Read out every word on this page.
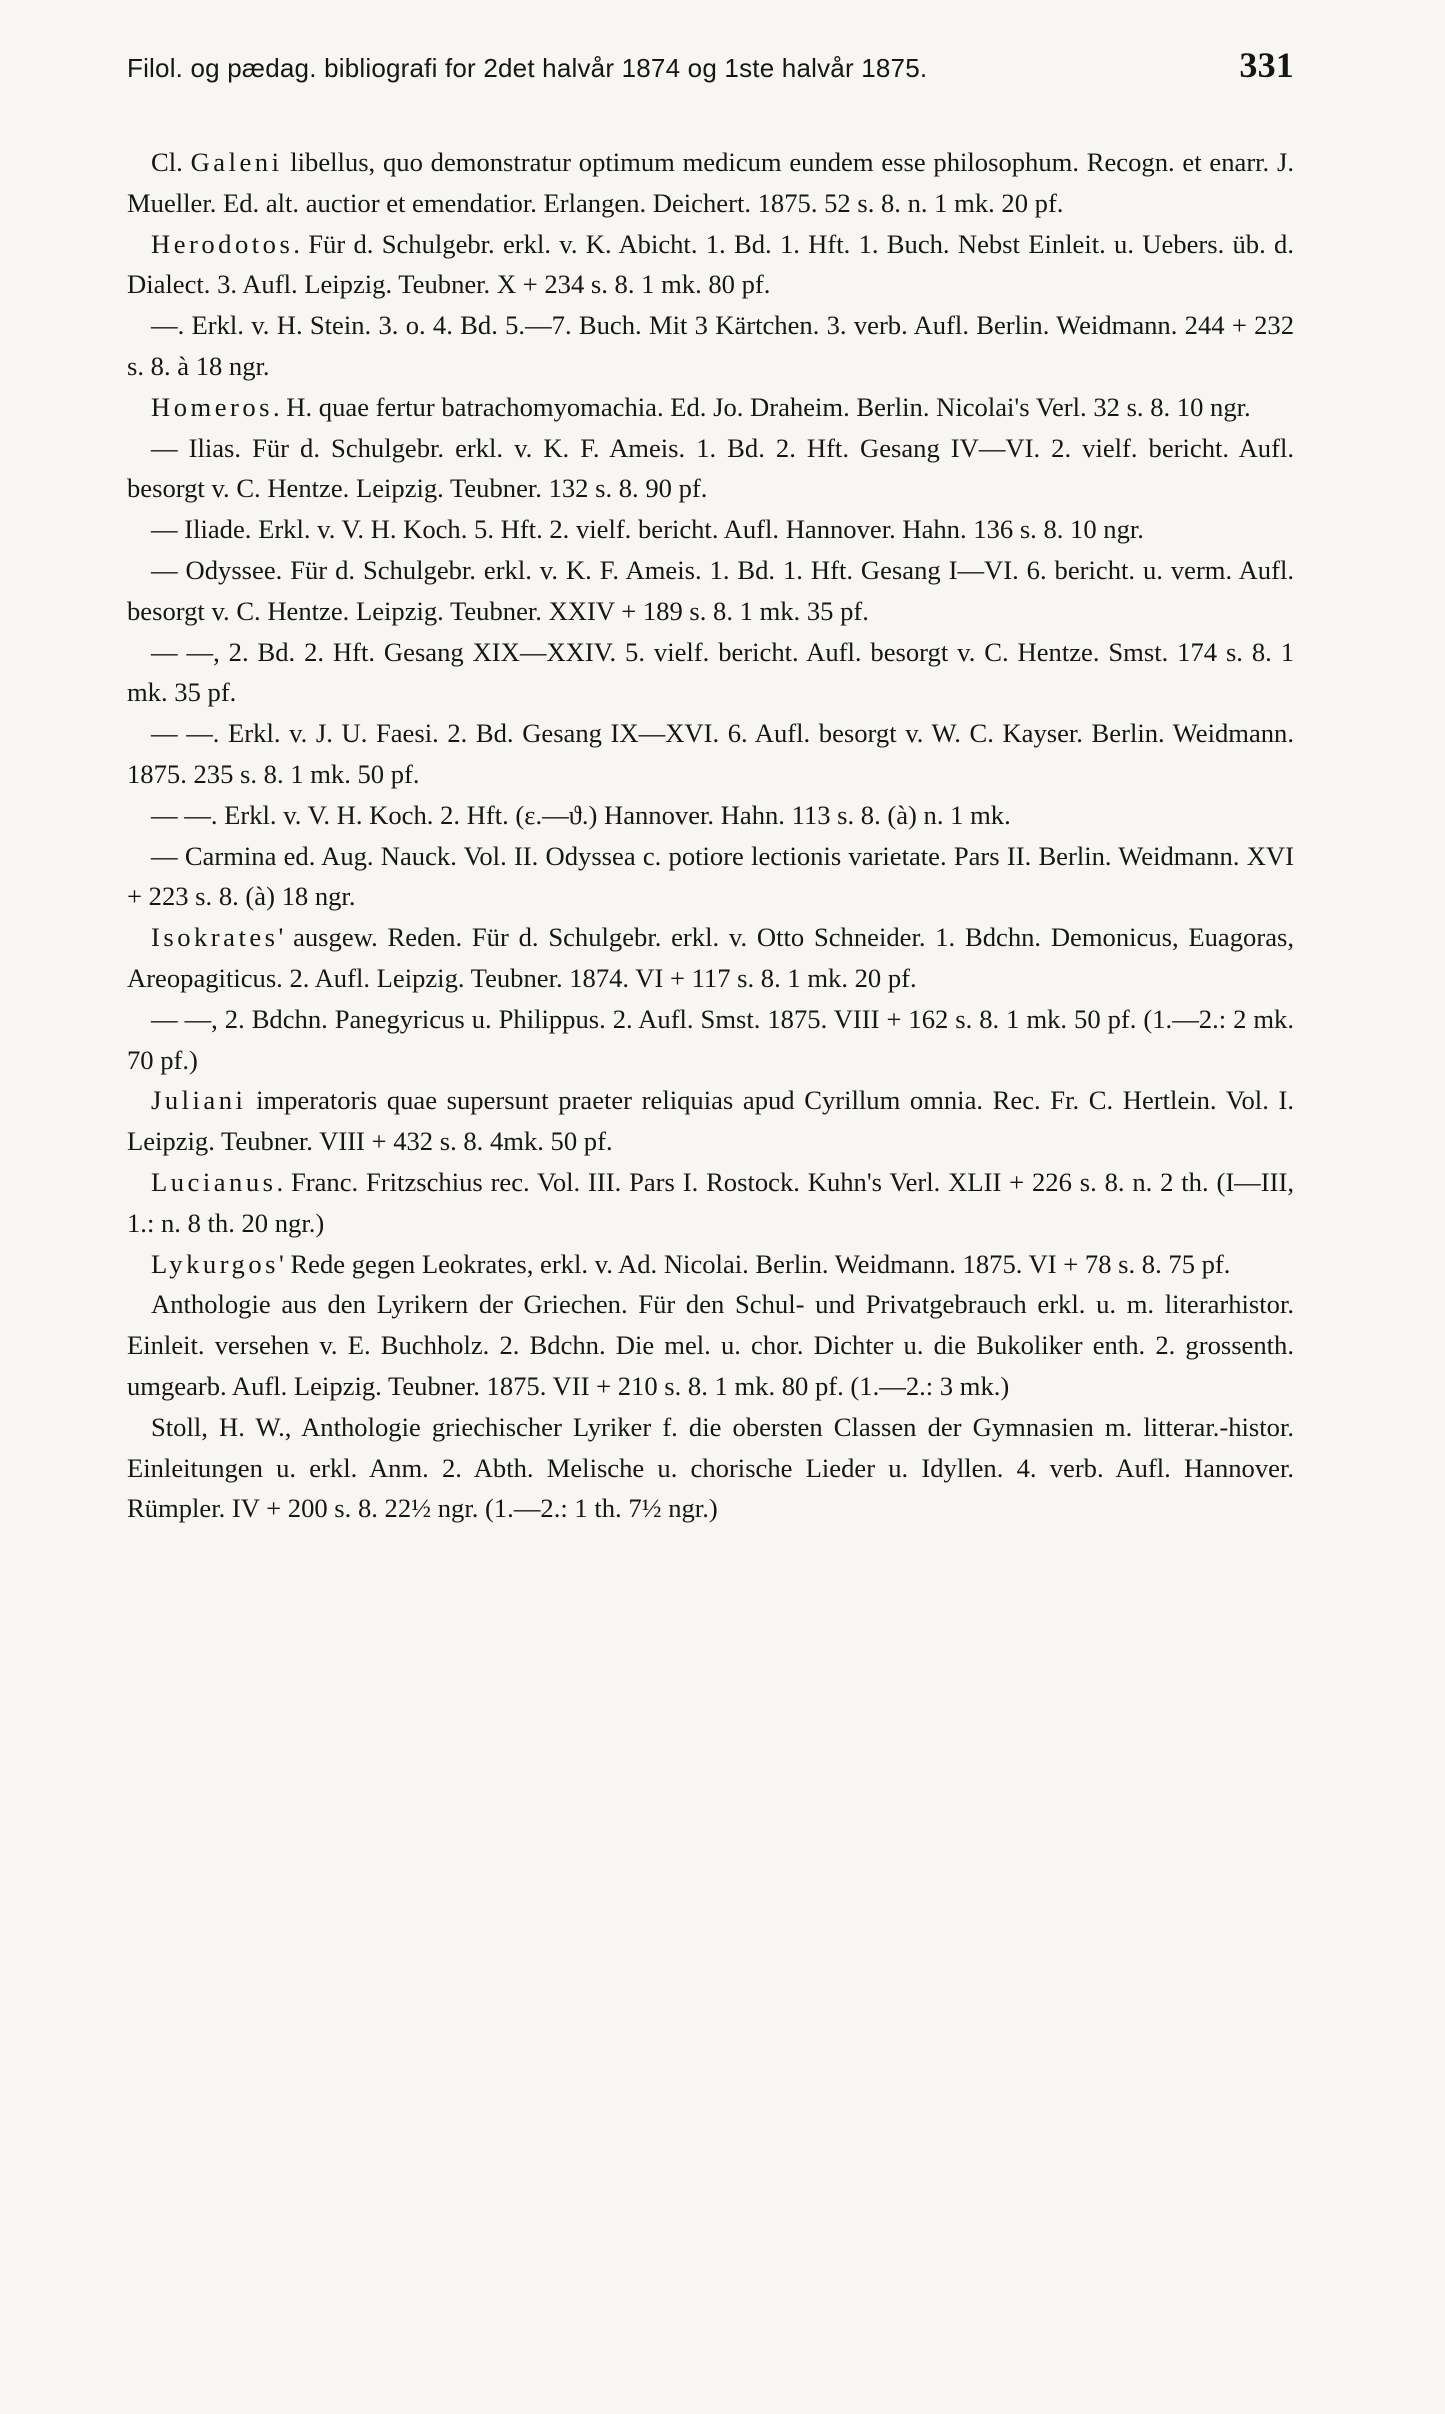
Filol. og pædag. bibliografi for 2det halvår 1874 og 1ste halvår 1875.	331

Cl. Galeni libellus, quo demonstratur optimum medicum eundem esse philosophum. Recogn. et enarr. J. Mueller. Ed. alt. auctior et emendatior. Erlangen. Deichert. 1875. 52 s. 8. n. 1 mk. 20 pf.

Herodotos. Für d. Schulgebr. erkl. v. K. Abicht. 1. Bd. 1. Hft. 1. Buch. Nebst Einleit. u. Uebers. üb. d. Dialect. 3. Aufl. Leipzig. Teubner. X + 234 s. 8. 1 mk. 80 pf.

—. Erkl. v. H. Stein. 3. o. 4. Bd. 5.—7. Buch. Mit 3 Kärtchen. 3. verb. Aufl. Berlin. Weidmann. 244 + 232 s. 8. à 18 ngr.

Homeros. H. quae fertur batrachomyomachia. Ed. Jo. Draheim. Berlin. Nicolai's Verl. 32 s. 8. 10 ngr.

— Ilias. Für d. Schulgebr. erkl. v. K. F. Ameis. 1. Bd. 2. Hft. Gesang IV—VI. 2. vielf. bericht. Aufl. besorgt v. C. Hentze. Leipzig. Teubner. 132 s. 8. 90 pf.

— Iliade. Erkl. v. V. H. Koch. 5. Hft. 2. vielf. bericht. Aufl. Hannover. Hahn. 136 s. 8. 10 ngr.

— Odyssee. Für d. Schulgebr. erkl. v. K. F. Ameis. 1. Bd. 1. Hft. Gesang I—VI. 6. bericht. u. verm. Aufl. besorgt v. C. Hentze. Leipzig. Teubner. XXIV + 189 s. 8. 1 mk. 35 pf.

— —, 2. Bd. 2. Hft. Gesang XIX—XXIV. 5. vielf. bericht. Aufl. besorgt v. C. Hentze. Smst. 174 s. 8. 1 mk. 35 pf.

— —. Erkl. v. J. U. Faesi. 2. Bd. Gesang IX—XVI. 6. Aufl. besorgt v. W. C. Kayser. Berlin. Weidmann. 1875. 235 s. 8. 1 mk. 50 pf.

— —. Erkl. v. V. H. Koch. 2. Hft. (ε.—ϑ.) Hannover. Hahn. 113 s. 8. (à) n. 1 mk.

— Carmina ed. Aug. Nauck. Vol. II. Odyssea c. potiore lectionis varietate. Pars II. Berlin. Weidmann. XVI + 223 s. 8. (à) 18 ngr.

Isokrates' ausgew. Reden. Für d. Schulgebr. erkl. v. Otto Schneider. 1. Bdchn. Demonicus, Euagoras, Areopagiticus. 2. Aufl. Leipzig. Teubner. 1874. VI + 117 s. 8. 1 mk. 20 pf.

— —, 2. Bdchn. Panegyricus u. Philippus. 2. Aufl. Smst. 1875. VIII + 162 s. 8. 1 mk. 50 pf. (1.—2.: 2 mk. 70 pf.)

Juliani imperatoris quae supersunt praeter reliquias apud Cyrillum omnia. Rec. Fr. C. Hertlein. Vol. I. Leipzig. Teubner. VIII + 432 s. 8. 4mk. 50 pf.

Lucianus. Franc. Fritzschius rec. Vol. III. Pars I. Rostock. Kuhn's Verl. XLII + 226 s. 8. n. 2 th. (I—III, 1.: n. 8 th. 20 ngr.)

Lykurgos' Rede gegen Leokrates, erkl. v. Ad. Nicolai. Berlin. Weidmann. 1875. VI + 78 s. 8. 75 pf.

Anthologie aus den Lyrikern der Griechen. Für den Schul- und Privatgebrauch erkl. u. m. literarhistor. Einleit. versehen v. E. Buchholz. 2. Bdchn. Die mel. u. chor. Dichter u. die Bukoliker enth. 2. grossenth. umgearb. Aufl. Leipzig. Teubner. 1875. VII + 210 s. 8. 1 mk. 80 pf. (1.—2.: 3 mk.)

Stoll, H. W., Anthologie griechischer Lyriker f. die obersten Classen der Gymnasien m. litterar.-histor. Einleitungen u. erkl. Anm. 2. Abth. Melische u. chorische Lieder u. Idyllen. 4. verb. Aufl. Hannover. Rümpler. IV + 200 s. 8. 22½ ngr. (1.—2.: 1 th. 7½ ngr.)
